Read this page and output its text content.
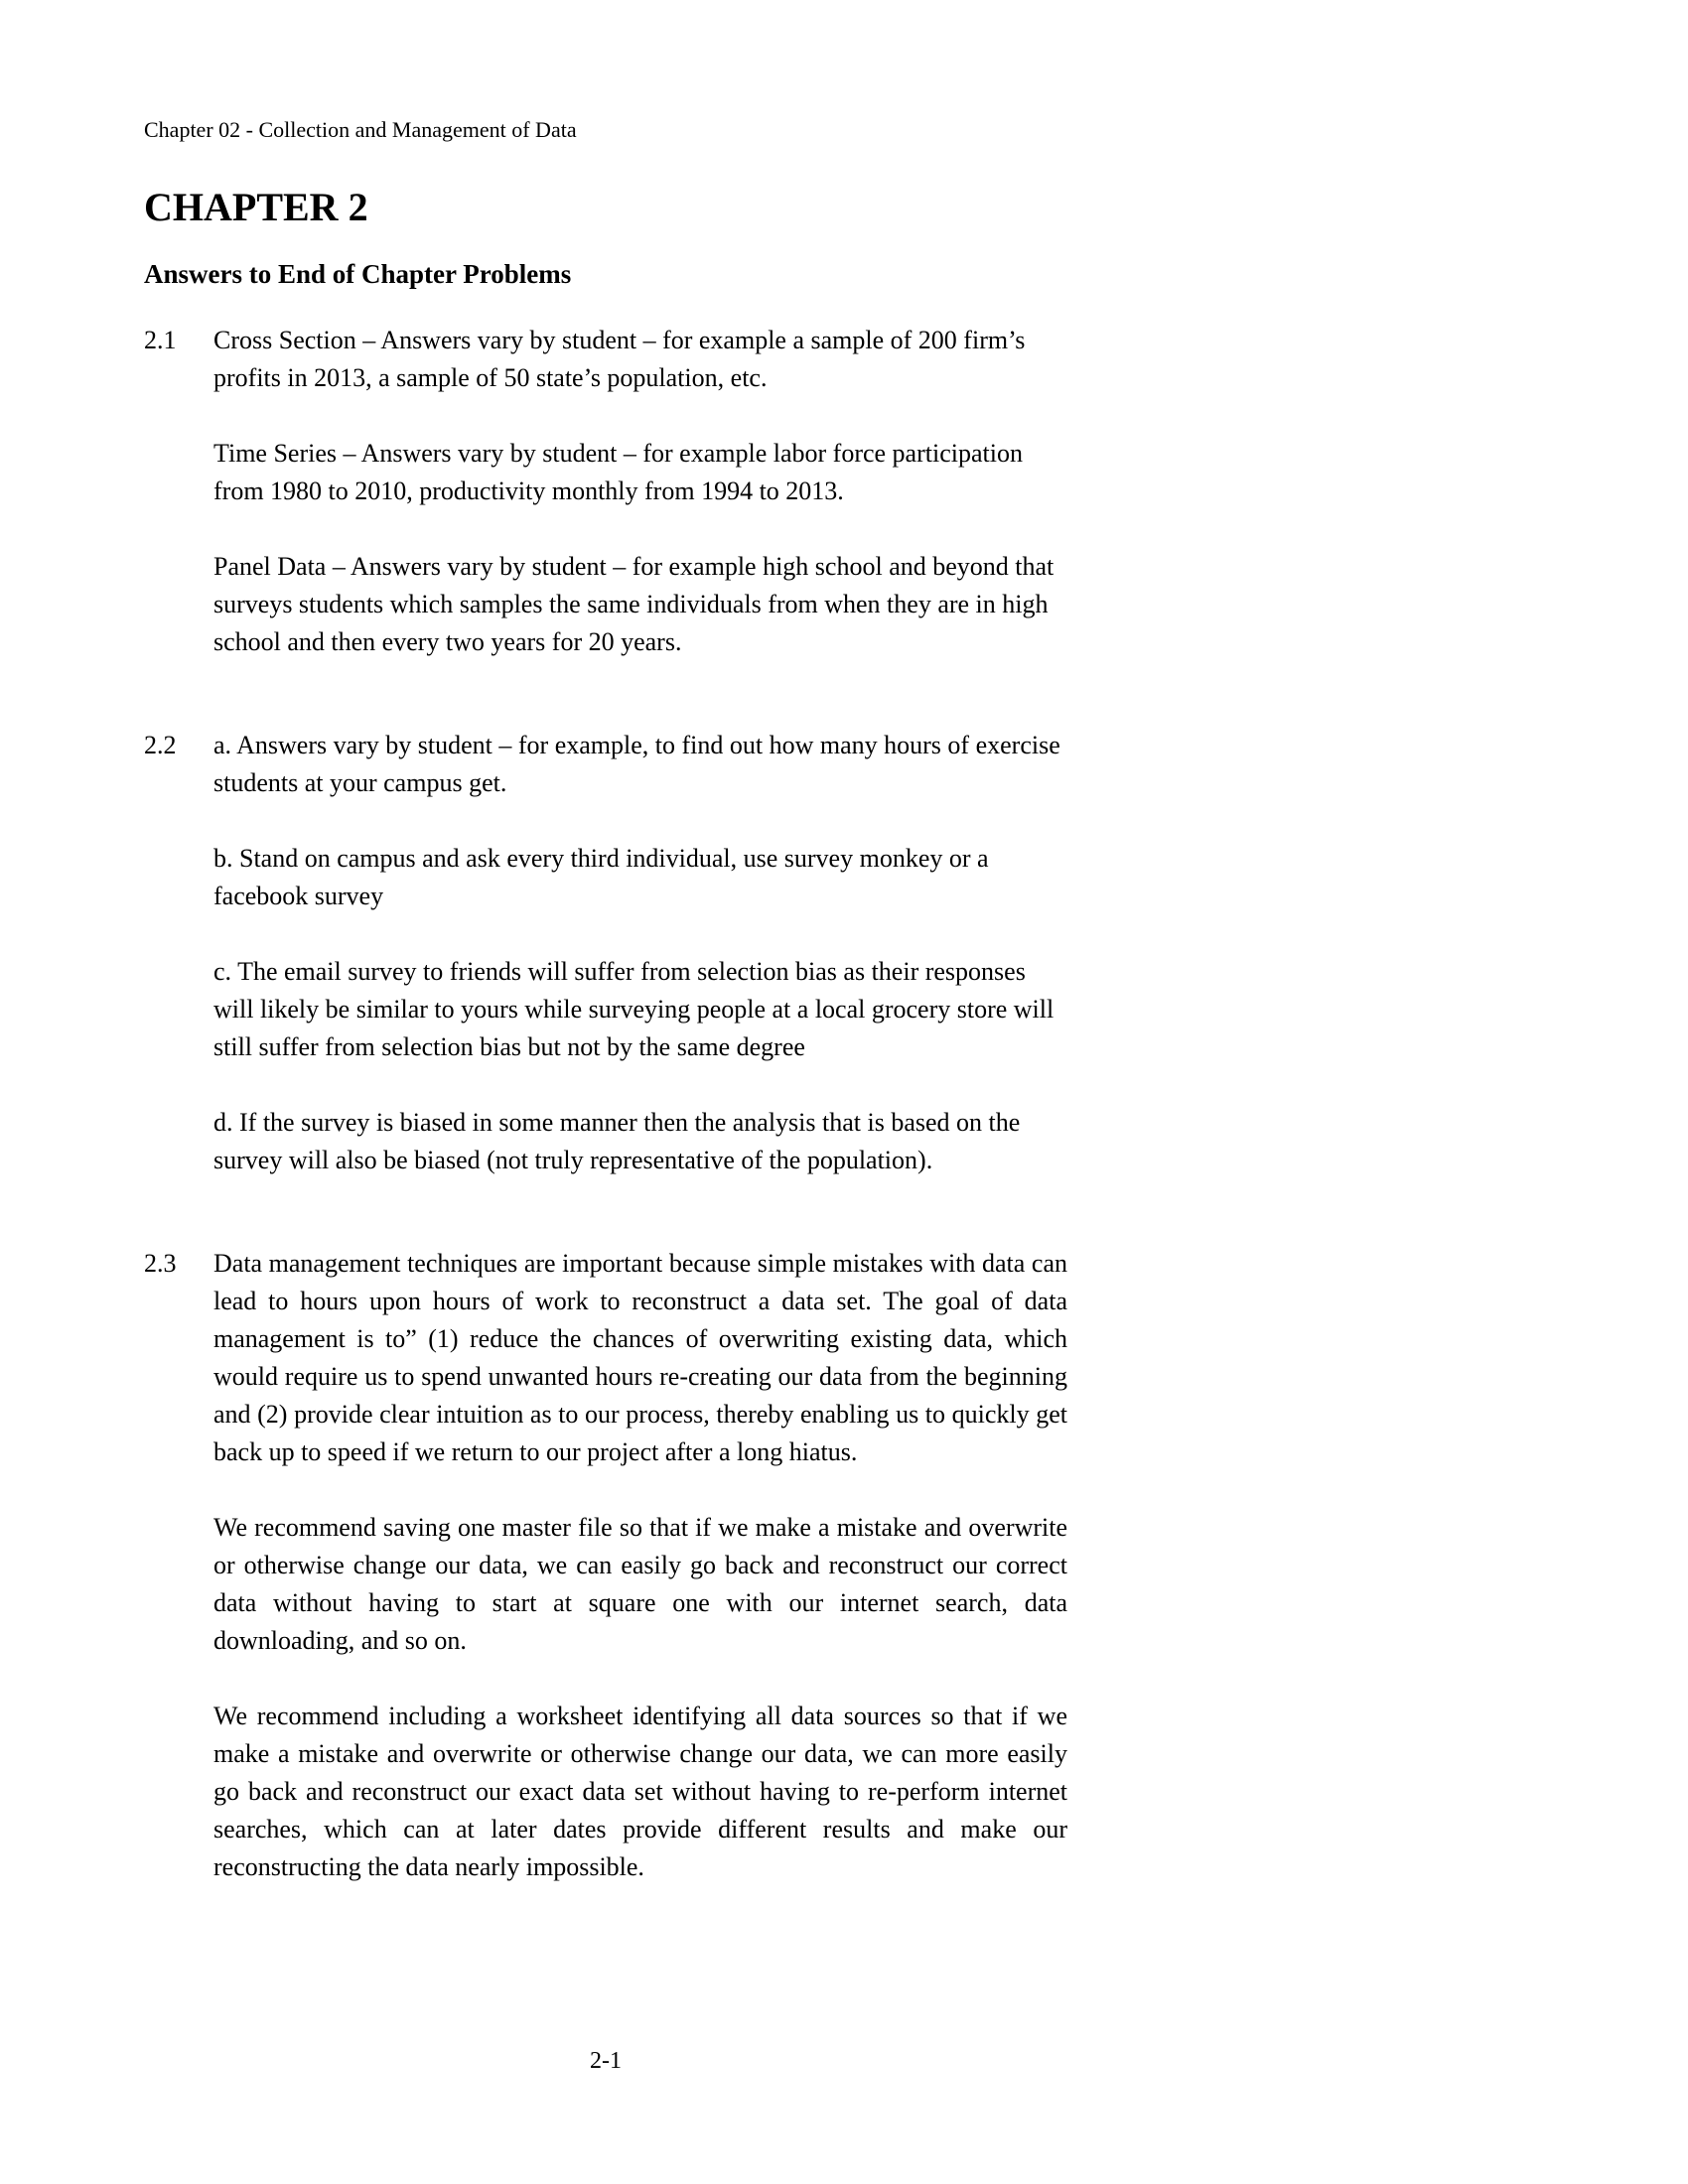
Chapter 02 - Collection and Management of Data
CHAPTER 2
Answers to End of Chapter Problems
2.1	Cross Section – Answers vary by student – for example a sample of 200 firm’s profits in 2013, a sample of 50 state’s population, etc.

Time Series – Answers vary by student – for example labor force participation from 1980 to 2010, productivity monthly from 1994 to 2013.

Panel Data – Answers vary by student – for example high school and beyond that surveys students which samples the same individuals from when they are in high school and then every two years for 20 years.

2.2	a. Answers vary by student – for example, to find out how many hours of exercise students at your campus get.

b. Stand on campus and ask every third individual, use survey monkey or a facebook survey

c. The email survey to friends will suffer from selection bias as their responses will likely be similar to yours while surveying people at a local grocery store will still suffer from selection bias but not by the same degree

d. If the survey is biased in some manner then the analysis that is based on the survey will also be biased (not truly representative of the population).

2.3	Data management techniques are important because simple mistakes with data can lead to hours upon hours of work to reconstruct a data set. The goal of data management is to” (1) reduce the chances of overwriting existing data, which would require us to spend unwanted hours re-creating our data from the beginning and (2) provide clear intuition as to our process, thereby enabling us to quickly get back up to speed if we return to our project after a long hiatus.

We recommend saving one master file so that if we make a mistake and overwrite or otherwise change our data, we can easily go back and reconstruct our correct data without having to start at square one with our internet search, data downloading, and so on.

We recommend including a worksheet identifying all data sources so that if we make a mistake and overwrite or otherwise change our data, we can more easily go back and reconstruct our exact data set without having to re-perform internet searches, which can at later dates provide different results and make our reconstructing the data nearly impossible.

2-1
